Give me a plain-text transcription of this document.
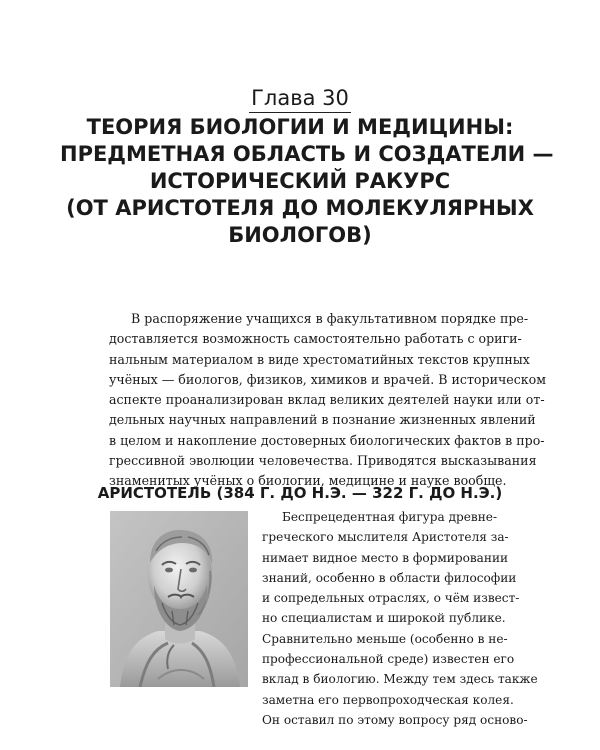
Глава 30
ТЕОРИЯ БИОЛОГИИ И МЕДИЦИНЫ:
ПРЕДМЕТНАЯ ОБЛАСТЬ И СОЗДАТЕЛИ —
ИСТОРИЧЕСКИЙ РАКУРС
(ОТ АРИСТОТЕЛЯ ДО МОЛЕКУЛЯРНЫХ
БИОЛОГОВ)

В распоряжение учащихся в факультативном порядке пре-
доставляется возможность самостоятельно работать с ориги-
нальным материалом в виде хрестоматийных текстов крупных
учёных — биологов, физиков, химиков и врачей. В историческом
аспекте проанализирован вклад великих деятелей науки или от-
дельных научных направлений в познание жизненных явлений
в целом и накопление достоверных биологических фактов в про-
грессивной эволюции человечества. Приводятся высказывания
знаменитых учёных о биологии, медицине и науке вообще.

АРИСТОТЕЛЬ (384 Г. ДО Н.Э. — 322 Г. ДО Н.Э.)

Беспрецедентная фигура древне-
греческого мыслителя Аристотеля за-
нимает видное место в формировании
знаний, особенно в области философии
и сопредельных отраслях, о чём извест-
но специалистам и широкой публике.
Сравнительно меньше (особенно в не-
профессиональной среде) известен его
вклад в биологию. Между тем здесь также
заметна его первопроходческая колея.
Он оставил по этому вопросу ряд осново-
